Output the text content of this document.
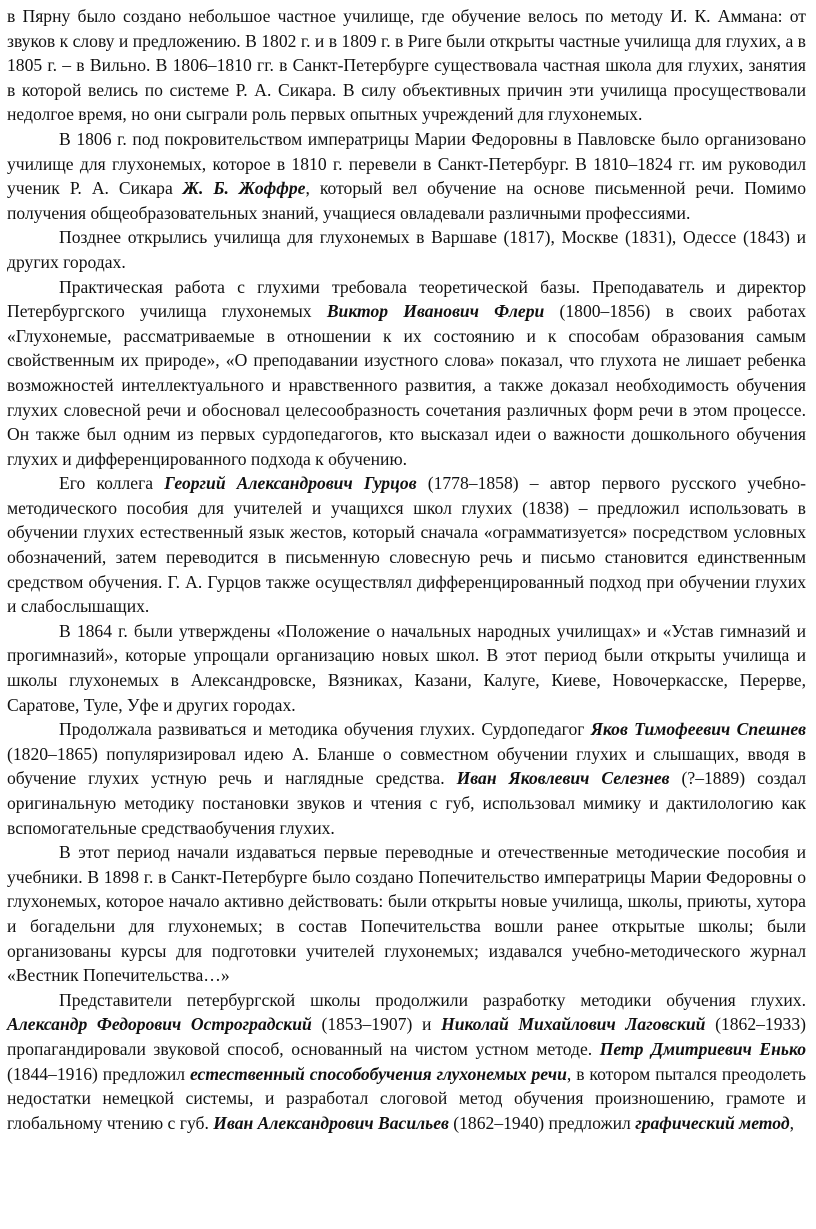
в Пярну было создано небольшое частное училище, где обучение велось по методу И. К. Аммана: от звуков к слову и предложению. В 1802 г. и в 1809 г. в Риге были открыты частные училища для глухих, а в 1805 г. – в Вильно. В 1806–1810 гг. в Санкт-Петербурге существовала частная школа для глухих, занятия в которой велись по системе Р. А. Сикара. В силу объективных причин эти училища просуществовали недолгое время, но они сыграли роль первых опытных учреждений для глухонемых.

В 1806 г. под покровительством императрицы Марии Федоровны в Павловске было организовано училище для глухонемых, которое в 1810 г. перевели в Санкт-Петербург. В 1810–1824 гг. им руководил ученик Р. А. Сикара Ж. Б. Жоффре, который вел обучение на основе письменной речи. Помимо получения общеобразовательных знаний, учащиеся овладевали различными профессиями.

Позднее открылись училища для глухонемых в Варшаве (1817), Москве (1831), Одессе (1843) и других городах.

Практическая работа с глухими требовала теоретической базы. Преподаватель и директор Петербургского училища глухонемых Виктор Иванович Флери (1800–1856) в своих работах «Глухонемые, рассматриваемые в отношении к их состоянию и к способам образования самым свойственным их природе», «О преподавании изустного слова» показал, что глухота не лишает ребенка возможностей интеллектуального и нравственного развития, а также доказал необходимость обучения глухих словесной речи и обосновал целесообразность сочетания различных форм речи в этом процессе. Он также был одним из первых сурдопедагогов, кто высказал идеи о важности дошкольного обучения глухих и дифференцированного подхода к обучению.

Его коллега Георгий Александрович Гурцов (1778–1858) – автор первого русского учебно-методического пособия для учителей и учащихся школ глухих (1838) – предложил использовать в обучении глухих естественный язык жестов, который сначала «ограмматизуется» посредством условных обозначений, затем переводится в письменную словесную речь и письмо становится единственным средством обучения. Г. А. Гурцов также осуществлял дифференцированный подход при обучении глухих и слабослышащих.

В 1864 г. были утверждены «Положение о начальных народных училищах» и «Устав гимназий и прогимназий», которые упрощали организацию новых школ. В этот период были открыты училища и школы глухонемых в Александровске, Вязниках, Казани, Калуге, Киеве, Новочеркасске, Перерве, Саратове, Туле, Уфе и других городах.

Продолжала развиваться и методика обучения глухих. Сурдопедагог Яков Тимофеевич Спешнев (1820–1865) популяризировал идею А. Бланше о совместном обучении глухих и слышащих, вводя в обучение глухих устную речь и наглядные средства. Иван Яковлевич Селезнев (?–1889) создал оригинальную методику постановки звуков и чтения с губ, использовал мимику и дактилологию как вспомогательные средстваобучения глухих.

В этот период начали издаваться первые переводные и отечественные методические пособия и учебники. В 1898 г. в Санкт-Петербурге было создано Попечительство императрицы Марии Федоровны о глухонемых, которое начало активно действовать: были открыты новые училища, школы, приюты, хутора и богадельни для глухонемых; в состав Попечительства вошли ранее открытые школы; были организованы курсы для подготовки учителей глухонемых; издавался учебно-методического журнал «Вестник Попечительства…»

Представители петербургской школы продолжили разработку методики обучения глухих. Александр Федорович Остроградский (1853–1907) и Николай Михайлович Лаговский (1862–1933) пропагандировали звуковой способ, основанный на чистом устном методе. Петр Дмитриевич Енько (1844–1916) предложил естественный способобучения глухонемых речи, в котором пытался преодолеть недостатки немецкой системы, и разработал слоговой метод обучения произношению, грамоте и глобальному чтению с губ. Иван Александрович Васильев (1862–1940) предложил графический метод,
